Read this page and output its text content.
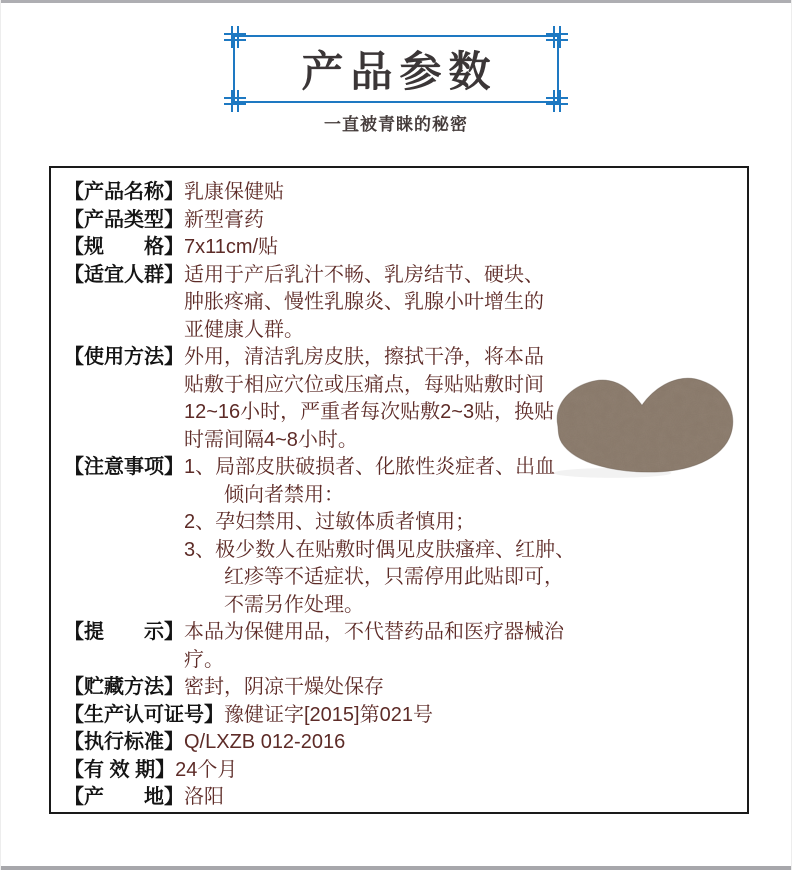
产品参数
一直被青睐的秘密
【产品名称】 乳康保健贴
【产品类型】 新型膏药
【规　　格】 7x11cm/贴
【适宜人群】 适用于产后乳汁不畅、乳房结节、硬块、
肿胀疼痛、慢性乳腺炎、乳腺小叶增生的
亚健康人群。
【使用方法】 外用，清洁乳房皮肤，擦拭干净，将本品
贴敷于相应穴位或压痛点，每贴贴敷时间
12~16小时，严重者每次贴敷2~3贴，换贴
时需间隔4~8小时。
【注意事项】 1、局部皮肤破损者、化脓性炎症者、出血
　　倾向者禁用：
2、孕妇禁用、过敏体质者慎用；
3、极少数人在贴敷时偶见皮肤瘙痒、红肿、
　　红疹等不适症状，只需停用此贴即可，
　　不需另作处理。
【提　　示】 本品为保健用品，不代替药品和医疗器械治
疗。
【贮藏方法】 密封，阴凉干燥处保存
【生产认可证号】 豫健证字[2015]第021号
【执行标准】 Q/LXZB 012-2016
【有 效 期】 24个月
【产　　地】 洛阳
